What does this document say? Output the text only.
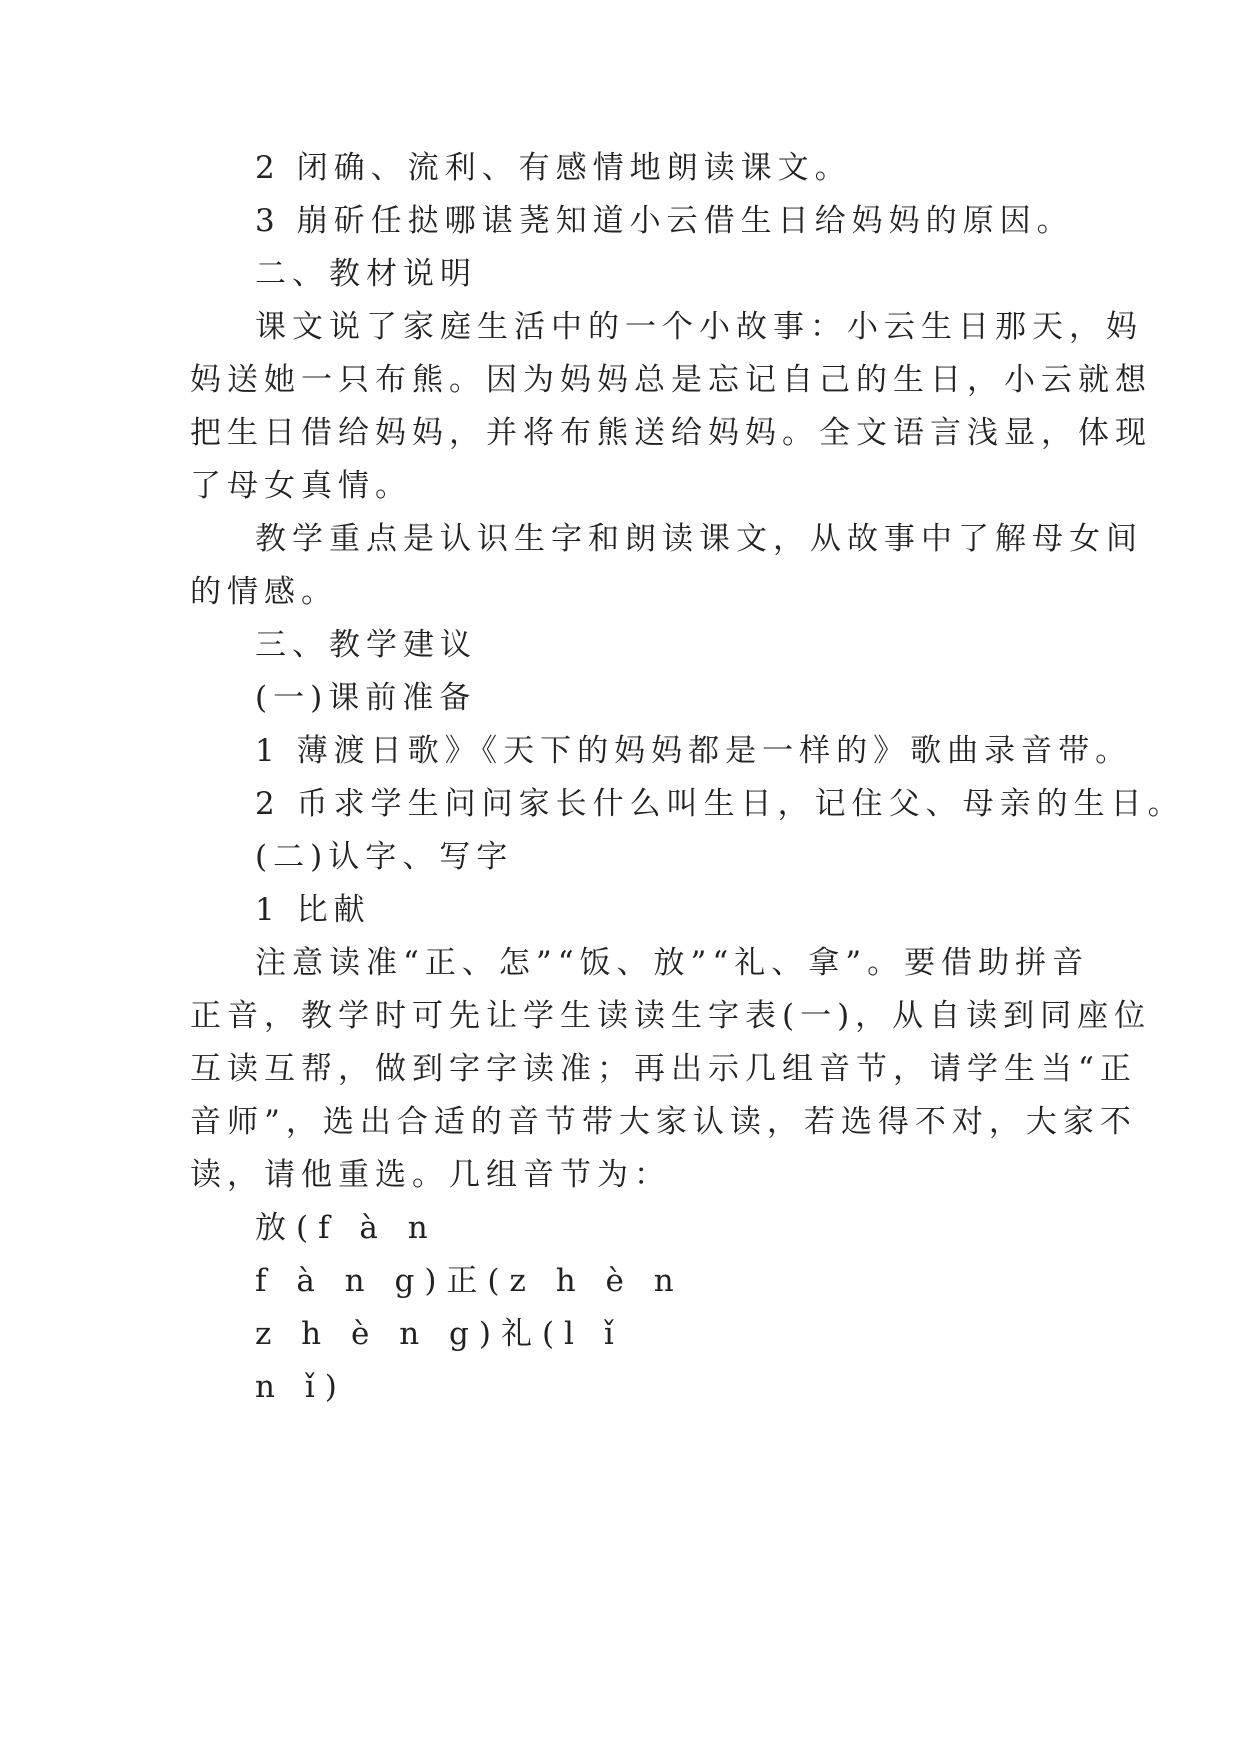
2 闭确、流利、有感情地朗读课文。

3 崩斫任挞哪谌荛知道小云借生日给妈妈的原因。

二、教材说明

课文说了家庭生活中的一个小故事：小云生日那天，妈

妈送她一只布熊。因为妈妈总是忘记自己的生日，小云就想

把生日借给妈妈，并将布熊送给妈妈。全文语言浅显，体现

了母女真情。

教学重点是认识生字和朗读课文，从故事中了解母女间

的情感。

三、教学建议

(一)课前准备

1 薄渡日歌》《天下的妈妈都是一样的》歌曲录音带。

2 币求学生问问家长什么叫生日，记住父、母亲的生日。

(二)认字、写字

1 比献

注意读准“正、怎”“饭、放”“礼、拿”。要借助拼音

正音，教学时可先让学生读读生字表(一)，从自读到同座位

互读互帮，做到字字读准；再出示几组音节，请学生当“正

音师”，选出合适的音节带大家认读，若选得不对，大家不

读，请他重选。几组音节为：

放(f à n

f à n g)正(z h è n

z h è n g)礼(l ǐ

n ǐ)
